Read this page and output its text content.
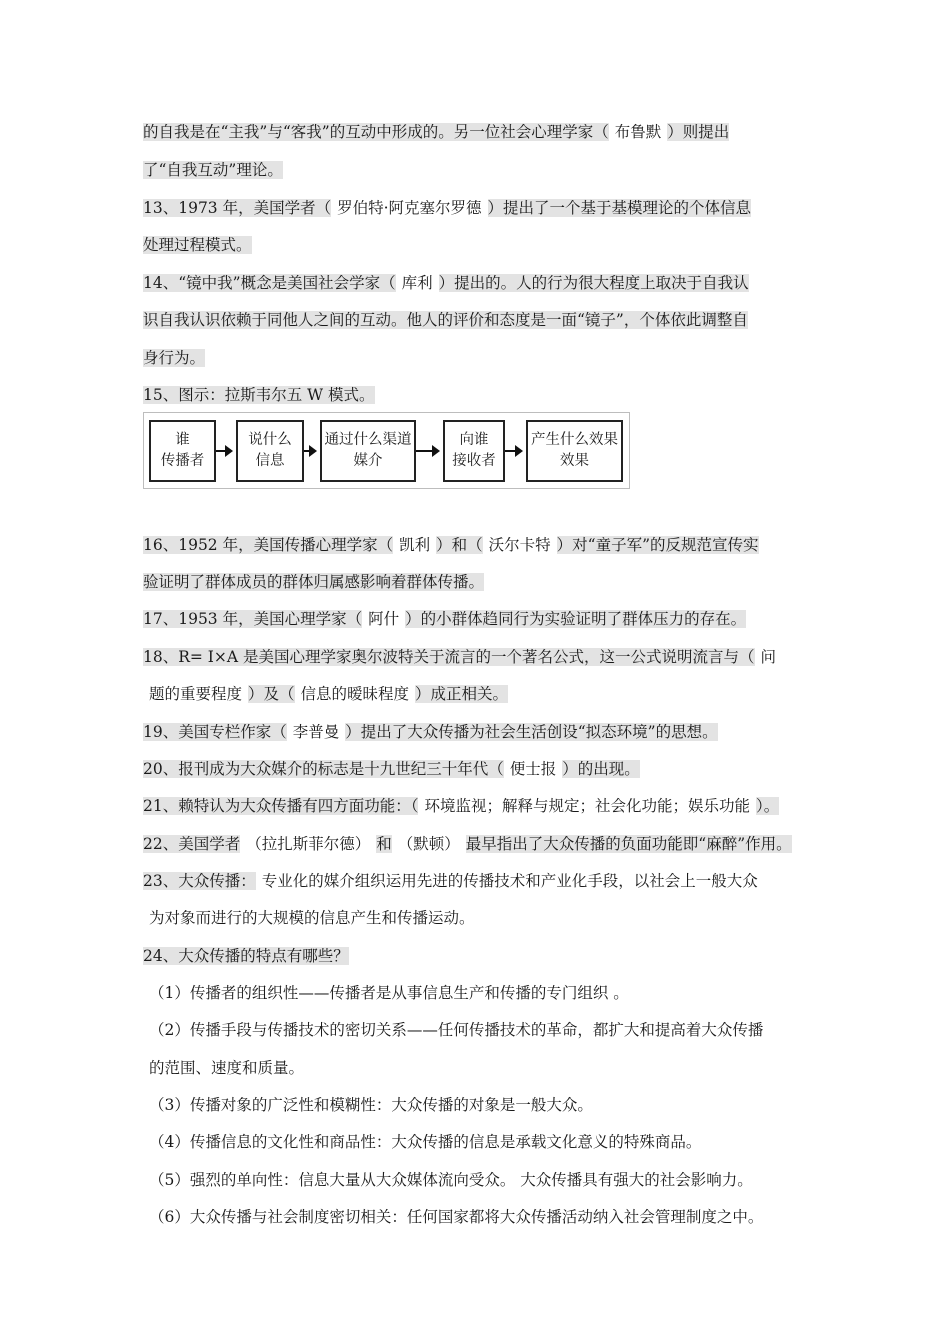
的自我是在“主我”与“客我”的互动中形成的。另一位社会心理学家（ 布鲁默 ）则提出
了“自我互动”理论。
13、1973 年，美国学者（ 罗伯特·阿克塞尔罗德 ）提出了一个基于基模理论的个体信息
处理过程模式。
14、“镜中我”概念是美国社会学家（ 库利 ）提出的。人的行为很大程度上取决于自我认
识自我认识依赖于同他人之间的互动。他人的评价和态度是一面“镜子”，个体依此调整自
身行为。
15、图示：拉斯韦尔五 W 模式。
16、1952 年，美国传播心理学家（ 凯利 ）和（ 沃尔卡特 ）对“童子军”的反规范宣传实
验证明了群体成员的群体归属感影响着群体传播。
17、1953 年，美国心理学家（ 阿什 ）的小群体趋同行为实验证明了群体压力的存在。
18、R= I×A 是美国心理学家奥尔波特关于流言的一个著名公式，这一公式说明流言与（ 问
题的重要程度 ）及（ 信息的暧昧程度 ）成正相关。
19、美国专栏作家（ 李普曼 ）提出了大众传播为社会生活创设“拟态环境”的思想。
20、报刊成为大众媒介的标志是十九世纪三十年代（ 便士报 ）的出现。
21、赖特认为大众传播有四方面功能：（ 环境监视；解释与规定；社会化功能；娱乐功能 ）。
22、美国学者 （拉扎斯菲尔德） 和 （默顿） 最早指出了大众传播的负面功能即“麻醉”作用。
23、大众传播： 专业化的媒介组织运用先进的传播技术和产业化手段，以社会上一般大众
为对象而进行的大规模的信息产生和传播运动。
24、大众传播的特点有哪些？
（1）传播者的组织性——传播者是从事信息生产和传播的专门组织 。
（2）传播手段与传播技术的密切关系——任何传播技术的革命，都扩大和提高着大众传播
的范围、速度和质量。
（3）传播对象的广泛性和模糊性：大众传播的对象是一般大众。
（4）传播信息的文化性和商品性：大众传播的信息是承载文化意义的特殊商品。
（5）强烈的单向性：信息大量从大众媒体流向受众。 大众传播具有强大的社会影响力。
（6）大众传播与社会制度密切相关：任何国家都将大众传播活动纳入社会管理制度之中。
谁
传播者
说什么
信息
通过什么渠道
媒介
向谁
接收者
产生什么效果
效果
